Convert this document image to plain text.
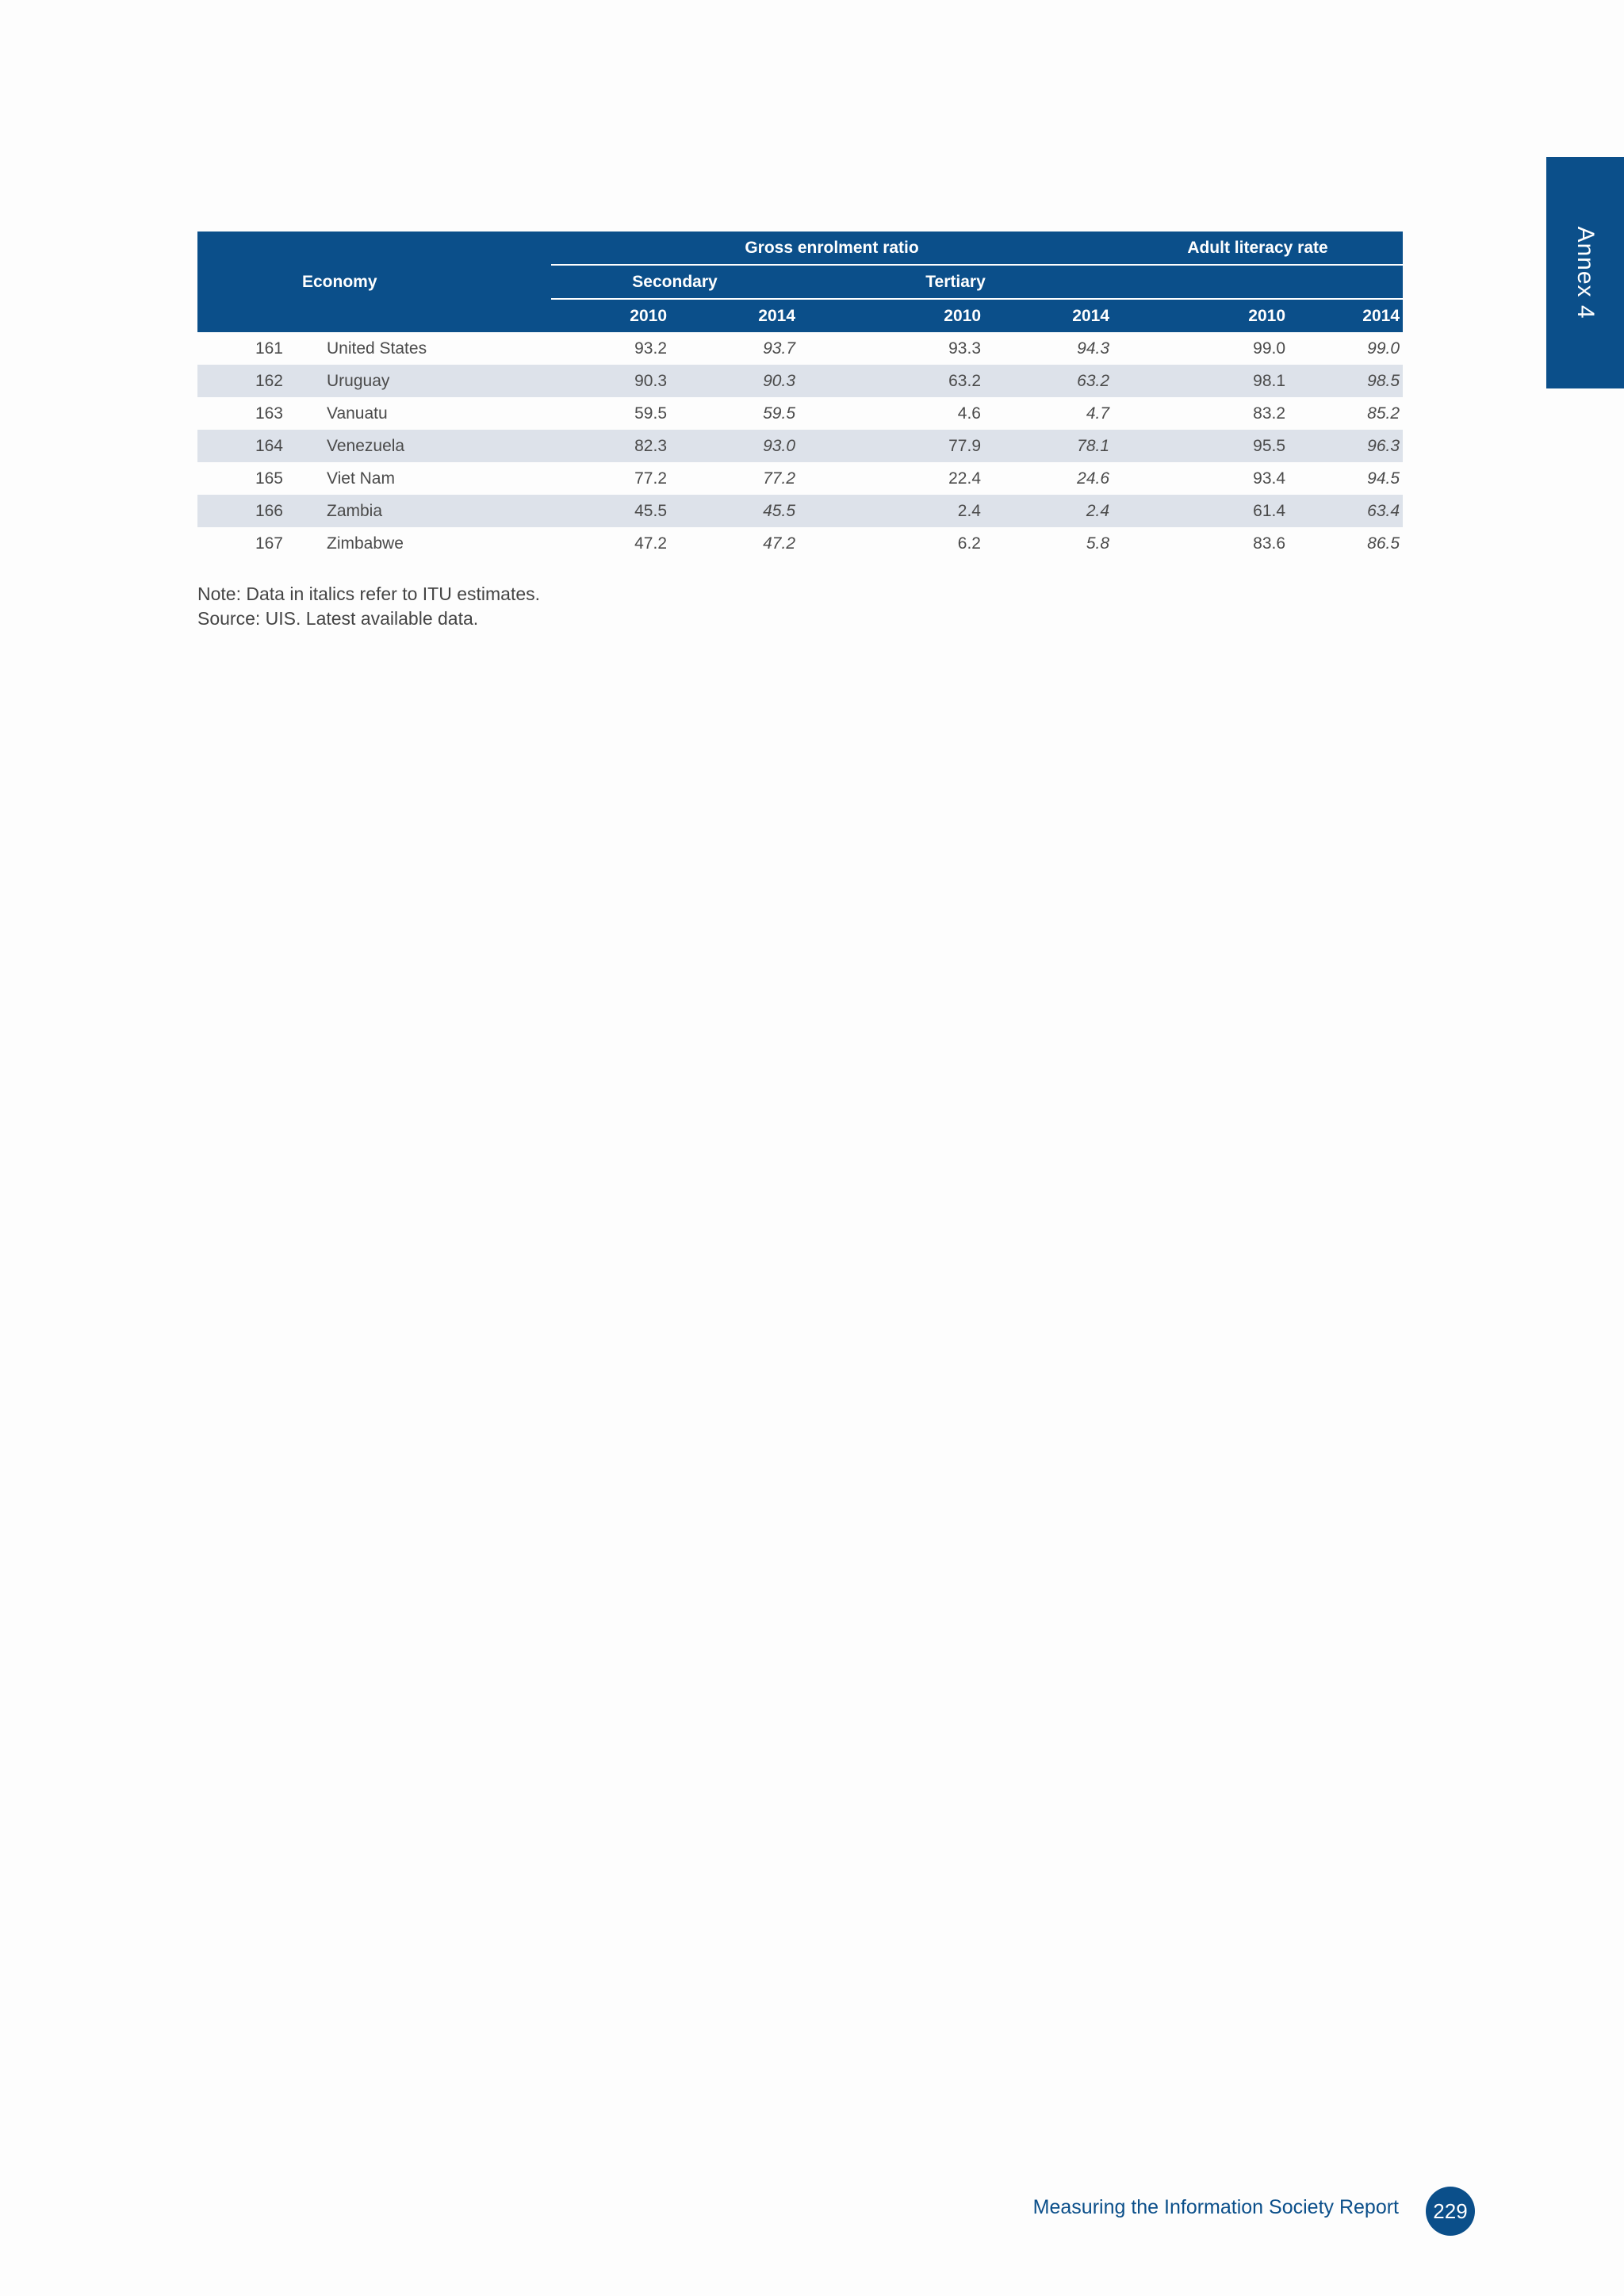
Annex 4
Economy		Gross enrolment ratio				Adult literacy rate	
		Secondary		Tertiary			
		2010	2014	2010	2014	2010	2014
161	United States	93.2	93.7	93.3	94.3	99.0	99.0
162	Uruguay	90.3	90.3	63.2	63.2	98.1	98.5
163	Vanuatu	59.5	59.5	4.6	4.7	83.2	85.2
164	Venezuela	82.3	93.0	77.9	78.1	95.5	96.3
165	Viet Nam	77.2	77.2	22.4	24.6	93.4	94.5
166	Zambia	45.5	45.5	2.4	2.4	61.4	63.4
167	Zimbabwe	47.2	47.2	6.2	5.8	83.6	86.5
Note: Data in italics refer to ITU estimates.
Source: UIS. Latest available data.
Measuring the Information Society Report	229
